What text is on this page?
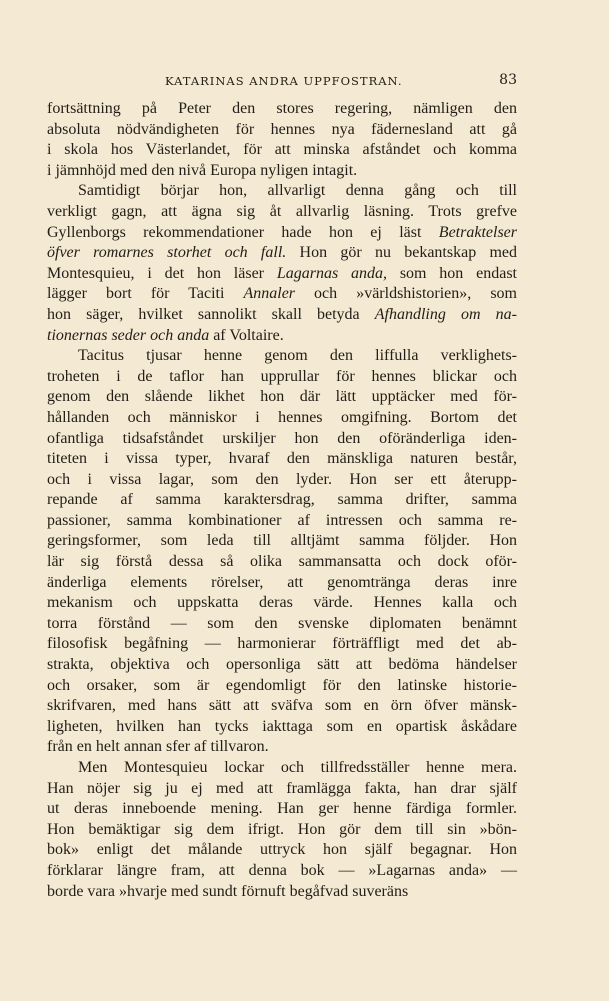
KATARINAS ANDRA UPPFOSTRAN.	83
fortsättning på Peter den stores regering, nämligen den
absoluta nödvändigheten för hennes nya fädernesland att gå
i skola hos Västerlandet, för att minska afståndet och komma
i jämnhöjd med den nivå Europa nyligen intagit.
Samtidigt börjar hon, allvarligt denna gång och till
verkligt gagn, att ägna sig åt allvarlig läsning. Trots grefve
Gyllenborgs rekommendationer hade hon ej läst Betraktelser
öfver romarnes storhet och fall. Hon gör nu bekantskap med
Montesquieu, i det hon läser Lagarnas anda, som hon endast
lägger bort för Taciti Annaler och »världshistorien», som
hon säger, hvilket sannolikt skall betyda Afhandling om na-
tionernas seder och anda af Voltaire.
Tacitus tjusar henne genom den liffulla verklighets-
troheten i de taflor han upprullar för hennes blickar och
genom den slående likhet hon där lätt upptäcker med för-
hållanden och människor i hennes omgifning. Bortom det
ofantliga tidsafståndet urskiljer hon den oföränderliga iden-
titeten i vissa typer, hvaraf den mänskliga naturen består,
och i vissa lagar, som den lyder. Hon ser ett återupp-
repande af samma karaktersdrag, samma drifter, samma
passioner, samma kombinationer af intressen och samma re-
geringsformer, som leda till alltjämt samma följder. Hon
lär sig förstå dessa så olika sammansatta och dock oför-
änderliga elements rörelser, att genomtränga deras inre
mekanism och uppskatta deras värde. Hennes kalla och
torra förstånd — som den svenske diplomaten benämnt
filosofisk begåfning — harmonierar förträffligt med det ab-
strakta, objektiva och opersonliga sätt att bedöma händelser
och orsaker, som är egendomligt för den latinske historie-
skrifvaren, med hans sätt att sväfva som en örn öfver mänsk-
ligheten, hvilken han tycks iakttaga som en opartisk åskådare
från en helt annan sfer af tillvaron.
Men Montesquieu lockar och tillfredsställer henne mera.
Han nöjer sig ju ej med att framlägga fakta, han drar själf
ut deras inneboende mening. Han ger henne färdiga formler.
Hon bemäktigar sig dem ifrigt. Hon gör dem till sin »bön-
bok» enligt det målande uttryck hon själf begagnar. Hon
förklarar längre fram, att denna bok — »Lagarnas anda» —
borde vara »hvarje med sundt förnuft begåfvad suveräns
